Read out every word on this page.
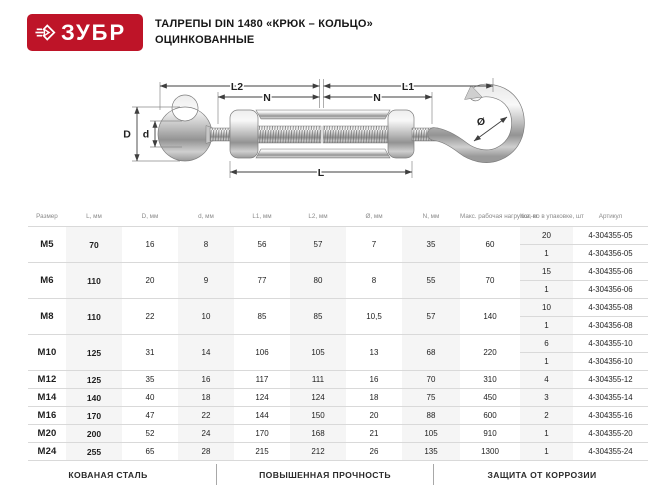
ЗУБР	ТАЛРЕПЫ DIN 1480 «КРЮК – КОЛЬЦО»
ОЦИНКОВАННЫЕ
L2
N	N
L1
D d
Ø
L
Размер	L, мм	D, мм	d, мм	L1, мм	L2, мм	Ø, мм	N, мм	Макс. рабочая нагрузка, кг	Кол-во в упаковке, шт	Артикул
M5	70	16	8	56	57	7	35	60	20	4-304355-05
									1	4-304356-05
M6	110	20	9	77	80	8	55	70	15	4-304355-06
									1	4-304356-06
M8	110	22	10	85	85	10,5	57	140	10	4-304355-08
									1	4-304356-08
M10	125	31	14	106	105	13	68	220	6	4-304355-10
									1	4-304356-10
M12	125	35	16	117	111	16	70	310	4	4-304355-12
M14	140	40	18	124	124	18	75	450	3	4-304355-14
M16	170	47	22	144	150	20	88	600	2	4-304355-16
M20	200	52	24	170	168	21	105	910	1	4-304355-20
M24	255	65	28	215	212	26	135	1300	1	4-304355-24
КОВАНАЯ СТАЛЬ	ПОВЫШЕННАЯ ПРОЧНОСТЬ	ЗАЩИТА ОТ КОРРОЗИИ
